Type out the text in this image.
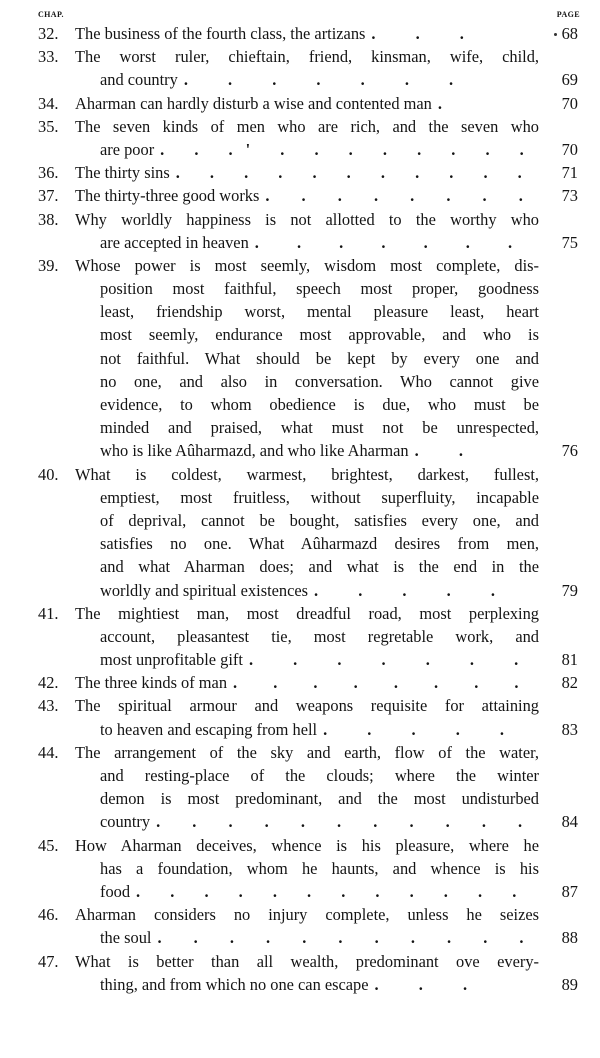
CHAP.	PAGE
32. The business of the fourth class, the artizans . . .	68
33. The worst ruler, chieftain, friend, kinsman, wife, child,
and country . . . . . . .	69
34. Aharman can hardly disturb a wise and contented man .	70
35. The seven kinds of men who are rich, and the seven who
are poor . . .' . . . . . . . . 70
36. The thirty sins . . . . . . . . . . . 71
37. The thirty-three good works . . . . . . . . 73
38. Why worldly happiness is not allotted to the worthy who
are accepted in heaven . . . . . . .	75
39. Whose power is most seemly, wisdom most complete, dis-
position most faithful, speech most proper, goodness
least, friendship worst, mental pleasure least, heart
most seemly, endurance most approvable, and who is
not faithful. What should be kept by every one and
no one, and also in conversation. Who cannot give
evidence, to whom obedience is due, who must be
minded and praised, what must not be unrespected,
who is like Aûharmazd, and who like Aharman . .	76
40. What is coldest, warmest, brightest, darkest, fullest,
emptiest, most fruitless, without superfluity, incapable
of deprival, cannot be bought, satisfies every one, and
satisfies no one. What Aûharmazd desires from men,
and what Aharman does; and what is the end in the
worldly and spiritual existences . . . . .	79
41. The mightiest man, most dreadful road, most perplexing
account, pleasantest tie, most regretable work, and
most unprofitable gift . . . . . . . 81
42. The three kinds of man . . . . . . . . 82
43. The spiritual armour and weapons requisite for attaining
to heaven and escaping from hell . . . . .	83
44. The arrangement of the sky and earth, flow of the water,
and resting-place of the clouds; where the winter
demon is most predominant, and the most undisturbed
country . . . . . . . . . . . 84
45. How Aharman deceives, whence is his pleasure, where he
has a foundation, whom he haunts, and whence is his
food . . . . . . . . . . . .	87
46. Aharman considers no injury complete, unless he seizes
the soul . . . . . . . . . . . 88
47. What is better than all wealth, predominant ove every-
thing, and from which no one can escape . . .	89
